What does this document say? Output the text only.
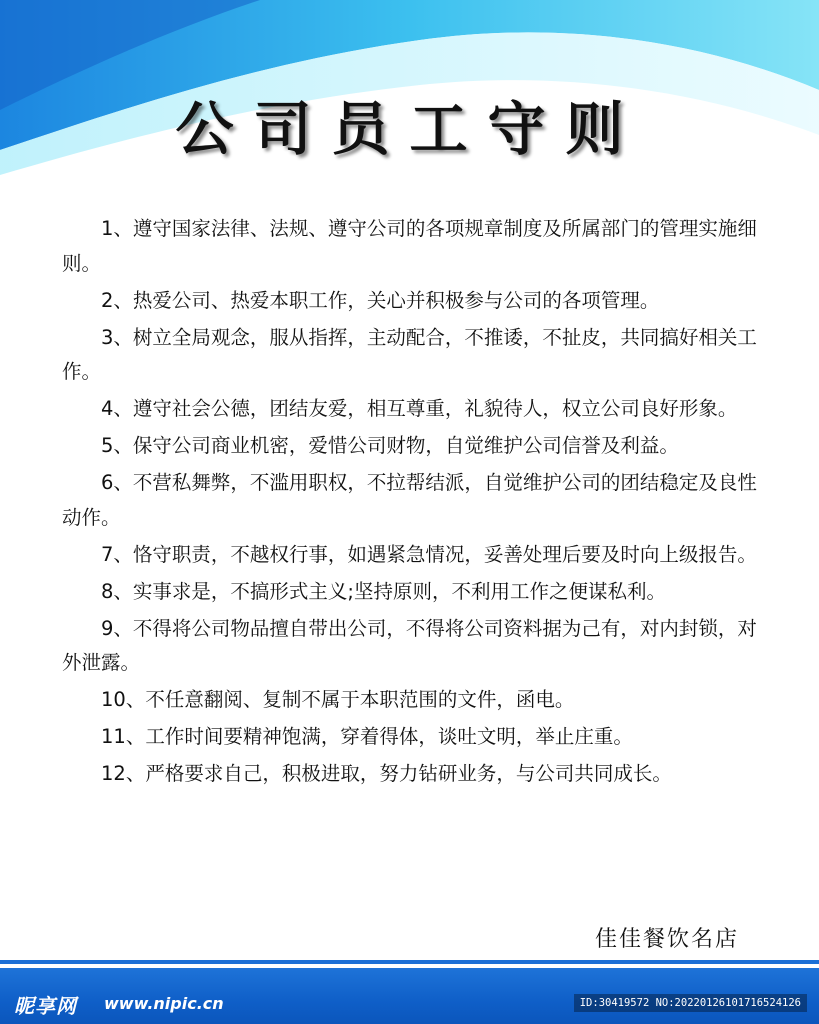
公司员工守则
1、遵守国家法律、法规、遵守公司的各项规章制度及所属部门的管理实施细则。
2、热爱公司、热爱本职工作，关心并积极参与公司的各项管理。
3、树立全局观念，服从指挥，主动配合，不推诿，不扯皮，共同搞好相关工作。
4、遵守社会公德，团结友爱，相互尊重，礼貌待人，权立公司良好形象。
5、保守公司商业机密，爱惜公司财物，自觉维护公司信誉及利益。
6、不营私舞弊，不滥用职权，不拉帮结派，自觉维护公司的团结稳定及良性动作。
7、恪守职责，不越权行事，如遇紧急情况，妥善处理后要及时向上级报告。
8、实事求是，不搞形式主义;坚持原则，不利用工作之便谋私利。
9、不得将公司物品擅自带出公司，不得将公司资料据为己有，对内封锁，对外泄露。
10、不任意翻阅、复制不属于本职范围的文件，函电。
11、工作时间要精神饱满，穿着得体，谈吐文明，举止庄重。
12、严格要求自己，积极进取，努力钻研业务，与公司共同成长。
佳佳餐饮名店
昵享网 www.nipic.cn	ID:30419572 NO:20220126101716524126
